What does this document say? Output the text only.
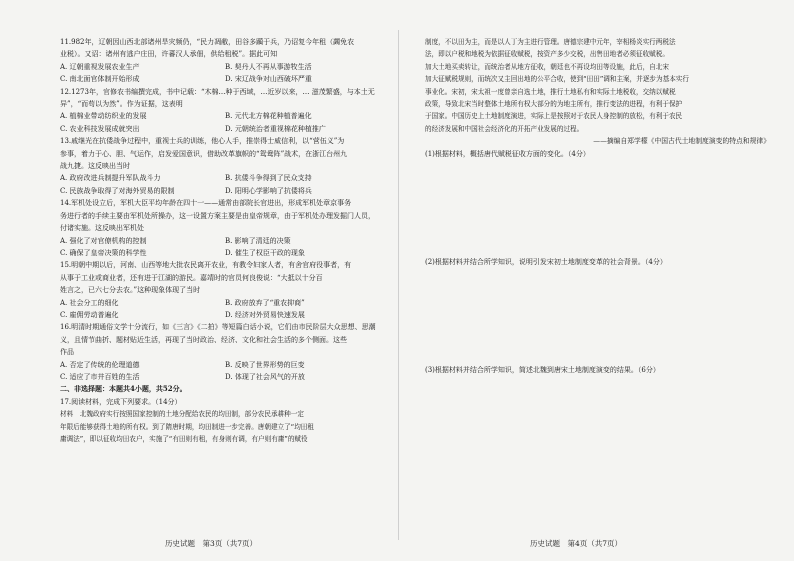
11.982年，辽朝因山西北部诸州旱灾频仍，“民力凋敝，田谷多躏于兵，乃诏复今年租（蠲免农

业税）。又诏：诸州有逃户庄田，许蕃汉人承佃，供给租税”。据此可知

A. 辽朝重视发展农业生产	B. 契丹人不再从事游牧生活
C. 南北面官体制开始形成	D. 宋辽战争对山西破坏严重

12.1273年，官修农书编撰完成，书中记载：“木棉…种于西域，…近岁以来，… 滋茂繁盛，与本土无

异”，“而苟以为然”。作为证据，这表明

A. 植棉业带动纺织业的发展	B. 元代北方棉花种植普遍化
C. 农业科技发展成就突出	D. 元朝统治者重视棉花种植推广

13.戚继光在抗倭战争过程中，重视士兵的训练，他心人手，推崇得士威信利，以“营伍义”为

参事，着力于心、胆、气运作，启发爱国意识，借助改革旗帜的“鸳鸯阵”战术，在浙江台州九

战九捷。这反映出当时

A. 政府改进兵制提升军队战斗力	B. 抗倭斗争得到了民众支持
C. 民族战争取得了对海外贸易的限制	D. 阳明心学影响了抗倭将兵

14.军机处设立后，军机大臣平均年龄在四十一——通常由部院长官进出，形成军机处章京事务

务进行者的手续主要由军机处所操办，这一设置方案主要是由皇帝规章，由于军机处办理发掘门人员，

付诸实施。这反映出军机处

A. 强化了对官僚机构的控制	B. 影响了清廷的决策
C. 确保了皇帝决策的科学性	D. 催生了权臣干政的现象

15.明朝中期以后，河南、山西等地大批农民离开农业，有教令妇家人者，有舍官府役事者，有

从事于工业或商业者，还有进于江湖的游民。嘉靖时的官员何良俊说：“大抵以十分百

姓言之，已六七分去农。”这种现象体现了当时

A. 社会分工的细化	B. 政府放弃了“重农抑商”
C. 雇佣劳动普遍化	D. 经济对外贸易快速发展

16.明清时期通俗文学十分流行，如《三言》《二拍》等短篇白话小说，它们由市民阶层大众思想、思潮

义，且情节曲折、题材贴近生活，再现了当时政治、经济、文化和社会生活的多个侧面。这些

作品

A. 否定了传统的伦理道德	B. 反映了世界形势的巨变
C. 适应了市井百姓的生活	D. 体现了社会风气的开放

二、非选择题：本题共4小题，共52分。

17.阅读材料，完成下列要求。（14分）

材料　北魏政府实行按照国家控制的土地分配给农民的均田制，部分农民承耕种一定

年限后能够获得土地的所有权。到了隋唐时期，均田制进一步完善。唐朝建立了“均田租

庸调法”，即以征收均田农户，实施了“有田则有租，有身则有调，有户则有庸”的赋役

历史试题　第3页（共7页）

制度，不以田为主，而是以人丁为主进行管理。唐德宗建中元年，宰相杨炎实行两税法

法，即以户税和地税为依据征收赋税，按资产多少交税，出售田地者必须征收赋税。

加大土地买卖转让，而统治者从地方征收，朝廷也不再设均田等设施，此后，自北宋

加大征赋税规则，而统次又主回出地的公平合收，使到“田田”调和主案，并逐步为基本实行

事业化。宋初，宋太祖一度曾亲自选土地，推行土地私有和实际土地税收，交纳以赋税

政策，导致北宋当时整体土地所有权大部分的为地主所有，推行变法的进程，有利于保护

于国家。中国历史上土地制度演进，实际上是按照对于农民人身控制的放松，有利于农民

的经济发展和中国社会经济化的开拓产业发展的过程。

——摘编自郑学檬《中国古代土地制度演变的特点和规律》

(1)根据材料，概括唐代赋税征收方面的变化。（4分）

(2)根据材料并结合所学知识，说明引发宋初土地制度变革的社会背景。（4分）

(3)根据材料并结合所学知识，简述北魏到唐宋土地制度演变的结果。（6分）

历史试题　第4页（共7页）
